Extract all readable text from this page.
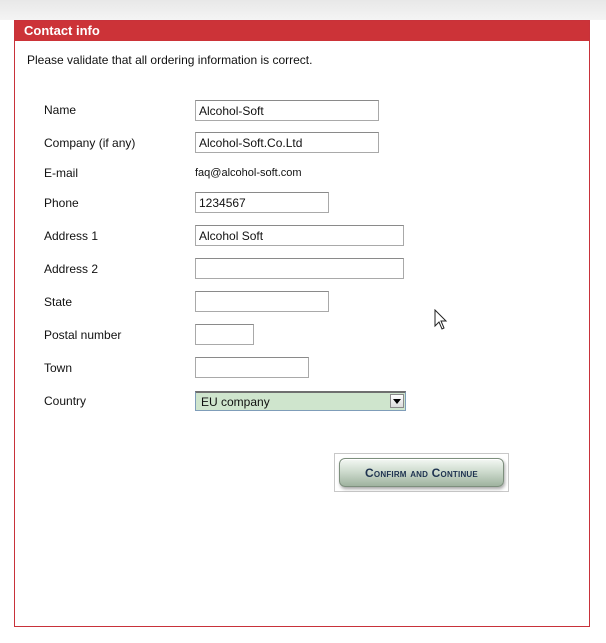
Contact info
Please validate that all ordering information is correct.
Name
Alcohol-Soft
Company (if any)
Alcohol-Soft.Co.Ltd
E-mail	faq@alcohol-soft.com
Phone
1234567
Address 1
Alcohol Soft
Address 2
State
Postal number
Town
Country	EU company
Confirm and Continue
